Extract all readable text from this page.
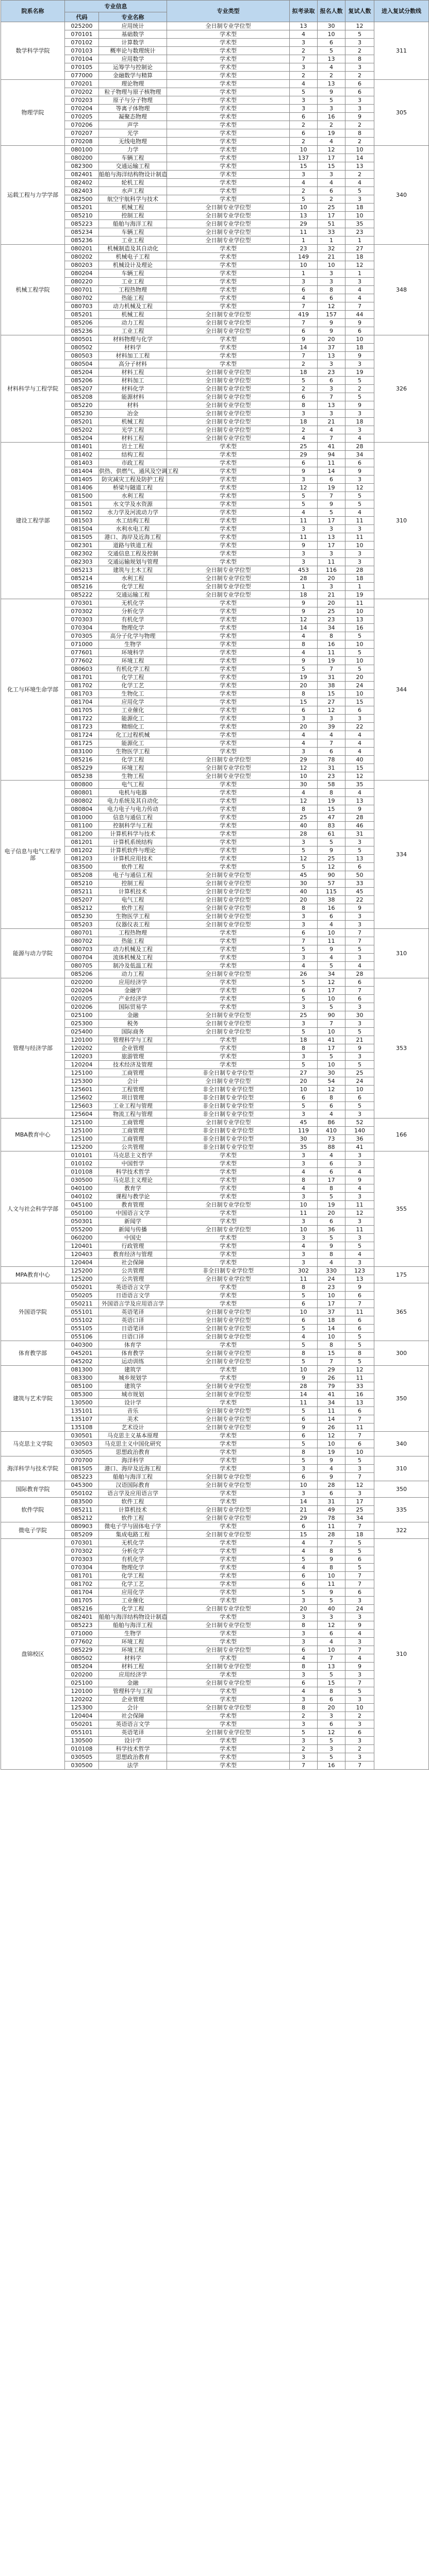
院系名称	专业信息		专业类型	拟考录取	报名人数	复试人数	进入复试分数线
	代码	专业名称					
数学科学学院	025200	应用统计	全日制专业学位型	13	30	12	311
	070101	基础数学	学术型	4	10	5	
	070102	计算数学	学术型	3	6	3	
	070103	概率论与数理统计	学术型	2	5	2	
	070104	应用数学	学术型	7	13	8	
	070105	运筹学与控制论	学术型	3	4	3	
	077000	金融数学与精算	学术型	2	2	2	
物理学院	070201	理论物理	学术型	4	13	6	305
	070202	粒子物理与原子核物理	学术型	5	9	6	
	070203	原子与分子物理	学术型	3	5	3	
	070204	等离子体物理	学术型	3	3	3	
	070205	凝聚态物理	学术型	6	16	9	
	070206	声学	学术型	2	2	2	
	070207	光学	学术型	6	19	8	
	070208	无线电物理	学术型	2	4	2	
运载工程与力学学部	080100	力学	学术型	10	12	10	340
	080200	车辆工程	学术型	137	17	14	
	082300	交通运输工程	学术型	15	15	13	
	082401	船舶与海洋结构物设计制造	学术型	3	3	2	
	082402	轮机工程	学术型	4	4	4	
	082403	水声工程	学术型	2	6	5	
	082500	航空宇航科学与技术	学术型	5	2	3	
	085201	机械工程	全日制专业学位型	10	25	18	
	085210	控制工程	全日制专业学位型	13	17	10	
	085223	船舶与海洋工程	全日制专业学位型	29	51	35	
	085234	车辆工程	全日制专业学位型	11	33	23	
	085236	工业工程	全日制专业学位型	1	1	1	
机械工程学院	080201	机械制造及其自动化	学术型	23	32	27	348
	080202	机械电子工程	学术型	149	21	18	
	080203	机械设计及理论	学术型	10	10	12	
	080204	车辆工程	学术型	1	3	1	
	080220	工业工程	学术型	3	3	3	
	080701	工程热物理	学术型	6	8	4	
	080702	热能工程	学术型	4	6	4	
	080703	动力机械及工程	学术型	7	12	7	
	085201	机械工程	全日制专业学位型	419	157	44	
	085206	动力工程	全日制专业学位型	7	9	9	
	085236	工业工程	全日制专业学位型	6	9	6	
材料科学与工程学院	080501	材料物理与化学	学术型	9	20	10	326
	080502	材料学	学术型	14	37	18	
	080503	材料加工工程	学术型	7	13	9	
	080504	高分子材料	学术型	2	3	3	
	085204	材料工程	全日制专业学位型	18	23	19	
	085206	材料加工	全日制专业学位型	5	6	5	
	085207	材料化学	全日制专业学位型	2	3	2	
	085208	能源材料	全日制专业学位型	6	7	5	
	085220	材料	全日制专业学位型	8	13	9	
	085230	冶金	全日制专业学位型	3	3	3	
	085201	机械工程	全日制专业学位型	18	21	18	
	085202	光学工程	全日制专业学位型	2	4	3	
	085204	材料工程	全日制专业学位型	4	7	4	
建设工程学部	081401	岩土工程	学术型	25	41	28	310
	081402	结构工程	学术型	29	94	34	
	081403	市政工程	学术型	6	11	6	
	081404	供热、供燃气、通风及空调工程	学术型	9	14	9	
	081405	防灾减灾工程及防护工程	学术型	3	6	3	
	081406	桥梁与隧道工程	学术型	12	19	12	
	081500	水利工程	学术型	5	7	5	
	081501	水文学及水资源	学术型	5	9	5	
	081502	水力学及河流动力学	学术型	4	5	4	
	081503	水工结构工程	学术型	11	17	11	
	081504	水利水电工程	学术型	3	3	3	
	081505	港口、海岸及近海工程	学术型	11	13	11	
	082301	道路与铁道工程	学术型	9	17	10	
	082302	交通信息工程及控制	学术型	3	3	3	
	082303	交通运输规划与管理	学术型	3	11	3	
	085213	建筑与土木工程	全日制专业学位型	453	116	28	
	085214	水利工程	全日制专业学位型	28	20	18	
	085216	化学工程	全日制专业学位型	1	3	1	
	085222	交通运输工程	全日制专业学位型	18	21	19	
化工与环境生命学部	070301	无机化学	学术型	9	20	11	344
	070302	分析化学	学术型	9	25	10	
	070303	有机化学	学术型	12	23	13	
	070304	物理化学	学术型	14	34	16	
	070305	高分子化学与物理	学术型	4	8	5	
	071000	生物学	学术型	8	16	10	
	077601	环境科学	学术型	4	11	5	
	077602	环境工程	学术型	9	19	10	
	080603	有机化学工程	学术型	5	7	5	
	081701	化学工程	学术型	19	31	20	
	081702	化学工艺	学术型	20	38	24	
	081703	生物化工	学术型	8	15	10	
	081704	应用化学	学术型	15	27	15	
	081705	工业催化	学术型	6	12	6	
	081722	能源化工	学术型	3	3	3	
	081723	精细化工	学术型	20	39	22	
	081724	化工过程机械	学术型	4	4	4	
	081725	能源化工	学术型	4	7	4	
	083100	生物医学工程	学术型	3	6	4	
	085216	化学工程	全日制专业学位型	29	78	40	
	085229	环境工程	全日制专业学位型	12	31	15	
	085238	生物工程	全日制专业学位型	10	23	12	
电子信息与电气工程学部	080800	电气工程	学术型	30	58	35	334
	080801	电机与电器	学术型	4	8	4	
	080802	电力系统及其自动化	学术型	12	19	13	
	080804	电力电子与电力传动	学术型	8	15	9	
	081000	信息与通信工程	学术型	25	47	28	
	081100	控制科学与工程	学术型	40	83	46	
	081200	计算机科学与技术	学术型	28	61	31	
	081201	计算机系统结构	学术型	3	5	3	
	081202	计算机软件与理论	学术型	5	9	5	
	081203	计算机应用技术	学术型	12	25	13	
	083500	软件工程	学术型	5	12	6	
	085208	电子与通信工程	全日制专业学位型	45	90	50	
	085210	控制工程	全日制专业学位型	30	57	33	
	085211	计算机技术	全日制专业学位型	40	115	45	
	085207	电气工程	全日制专业学位型	20	38	22	
	085212	软件工程	全日制专业学位型	8	16	9	
	085230	生物医学工程	全日制专业学位型	3	6	3	
	085203	仪器仪表工程	全日制专业学位型	3	4	3	
能源与动力学院	080701	工程热物理	学术型	6	10	7	310
	080702	热能工程	学术型	7	11	7	
	080703	动力机械及工程	学术型	5	9	5	
	080704	流体机械及工程	学术型	3	4	3	
	080705	制冷及低温工程	学术型	4	5	4	
	085206	动力工程	全日制专业学位型	26	34	28	
管理与经济学部	020200	应用经济学	学术型	5	12	6	353
	020204	金融学	学术型	6	17	7	
	020205	产业经济学	学术型	5	10	6	
	020206	国际贸易学	学术型	3	5	3	
	025100	金融	全日制专业学位型	25	90	30	
	025300	税务	全日制专业学位型	3	7	3	
	025400	国际商务	全日制专业学位型	5	10	5	
	120100	管理科学与工程	学术型	18	41	21	
	120202	企业管理	学术型	8	17	9	
	120203	旅游管理	学术型	3	5	3	
	120204	技术经济及管理	学术型	5	10	5	
	125100	工商管理	非全日制专业学位型	27	30	25	
	125300	会计	全日制专业学位型	20	54	24	
	125601	工程管理	非全日制专业学位型	10	12	10	
	125602	项目管理	非全日制专业学位型	6	8	6	
	125603	工业工程与管理	非全日制专业学位型	5	6	5	
	125604	物流工程与管理	非全日制专业学位型	3	4	3	
MBA教育中心	125100	工商管理	全日制专业学位型	45	86	52	166
	125100	工商管理	非全日制专业学位型	119	410	140	
	125100	工商管理	非全日制专业学位型	30	73	36	
	125200	公共管理	非全日制专业学位型	35	88	41	
人文与社会科学学部	010101	马克思主义哲学	学术型	3	4	3	355
	010102	中国哲学	学术型	3	6	3	
	010108	科学技术哲学	学术型	4	6	4	
	030500	马克思主义理论	学术型	8	17	9	
	040100	教育学	学术型	4	8	4	
	040102	课程与教学论	学术型	3	5	3	
	045100	教育管理	全日制专业学位型	10	19	11	
	050100	中国语言文学	学术型	11	20	12	
	050301	新闻学	学术型	3	6	3	
	055200	新闻与传播	全日制专业学位型	10	36	11	
	060200	中国史	学术型	3	5	3	
	120401	行政管理	学术型	4	9	5	
	120403	教育经济与管理	学术型	3	8	4	
	120404	社会保障	学术型	3	4	3	
MPA教育中心	125200	公共管理	非全日制专业学位型	302	330	123	175
	125200	公共管理	全日制专业学位型	11	24	13	
外国语学院	050201	英语语言文学	学术型	8	23	9	365
	050205	日语语言文学	学术型	5	10	6	
	050211	外国语言学及应用语言学	学术型	6	17	7	
	055101	英语笔译	全日制专业学位型	10	37	11	
	055102	英语口译	全日制专业学位型	6	18	6	
	055105	日语笔译	全日制专业学位型	5	14	6	
	055106	日语口译	全日制专业学位型	4	10	5	
体育教学部	040300	体育学	学术型	5	8	5	300
	045201	体育教学	全日制专业学位型	8	15	8	
	045202	运动训练	全日制专业学位型	5	7	5	
建筑与艺术学院	081300	建筑学	学术型	10	29	12	350
	083300	城乡规划学	学术型	9	26	11	
	085100	建筑学	全日制专业学位型	28	79	33	
	085300	城市规划	全日制专业学位型	14	41	16	
	130500	设计学	学术型	11	34	13	
	135101	音乐	全日制专业学位型	5	11	6	
	135107	美术	全日制专业学位型	6	14	7	
	135108	艺术设计	全日制专业学位型	9	26	11	
马克思主义学院	030501	马克思主义基本原理	学术型	6	12	7	340
	030503	马克思主义中国化研究	学术型	5	10	6	
	030505	思想政治教育	学术型	8	19	10	
海洋科学与技术学院	070700	海洋科学	学术型	5	9	5	310
	081505	港口、海岸及近海工程	学术型	3	4	3	
	085223	船舶与海洋工程	全日制专业学位型	6	9	7	
国际教育学院	045300	汉语国际教育	全日制专业学位型	10	28	12	350
	050102	语言学及应用语言学	学术型	3	6	3	
软件学院	083500	软件工程	学术型	14	31	17	335
	085211	计算机技术	全日制专业学位型	21	49	25	
	085212	软件工程	全日制专业学位型	29	78	34	
微电子学院	080903	微电子学与固体电子学	学术型	6	11	7	322
	085209	集成电路工程	全日制专业学位型	15	28	18	
盘锦校区	070301	无机化学	学术型	4	7	5	310
	070302	分析化学	学术型	4	8	5	
	070303	有机化学	学术型	5	9	6	
	070304	物理化学	学术型	4	8	5	
	081701	化学工程	学术型	6	10	7	
	081702	化学工艺	学术型	6	11	7	
	081704	应用化学	学术型	5	9	6	
	081705	工业催化	学术型	3	5	3	
	085216	化学工程	全日制专业学位型	20	40	24	
	082401	船舶与海洋结构物设计制造	学术型	3	3	3	
	085223	船舶与海洋工程	全日制专业学位型	8	12	9	
	071000	生物学	学术型	3	6	4	
	077602	环境工程	学术型	3	4	3	
	085229	环境工程	全日制专业学位型	6	10	7	
	080502	材料学	学术型	4	7	4	
	085204	材料工程	全日制专业学位型	8	13	9	
	020200	应用经济学	学术型	3	5	3	
	025100	金融	全日制专业学位型	6	15	7	
	120100	管理科学与工程	学术型	4	8	5	
	120202	企业管理	学术型	3	6	3	
	125300	会计	全日制专业学位型	8	20	10	
	120404	社会保障	学术型	2	3	2	
	050201	英语语言文学	学术型	3	6	3	
	055101	英语笔译	全日制专业学位型	5	12	6	
	130500	设计学	学术型	3	5	3	
	010108	科学技术哲学	学术型	2	3	2	
	030505	思想政治教育	学术型	3	5	3	
	030500	法学	学术型	7	16	7	
